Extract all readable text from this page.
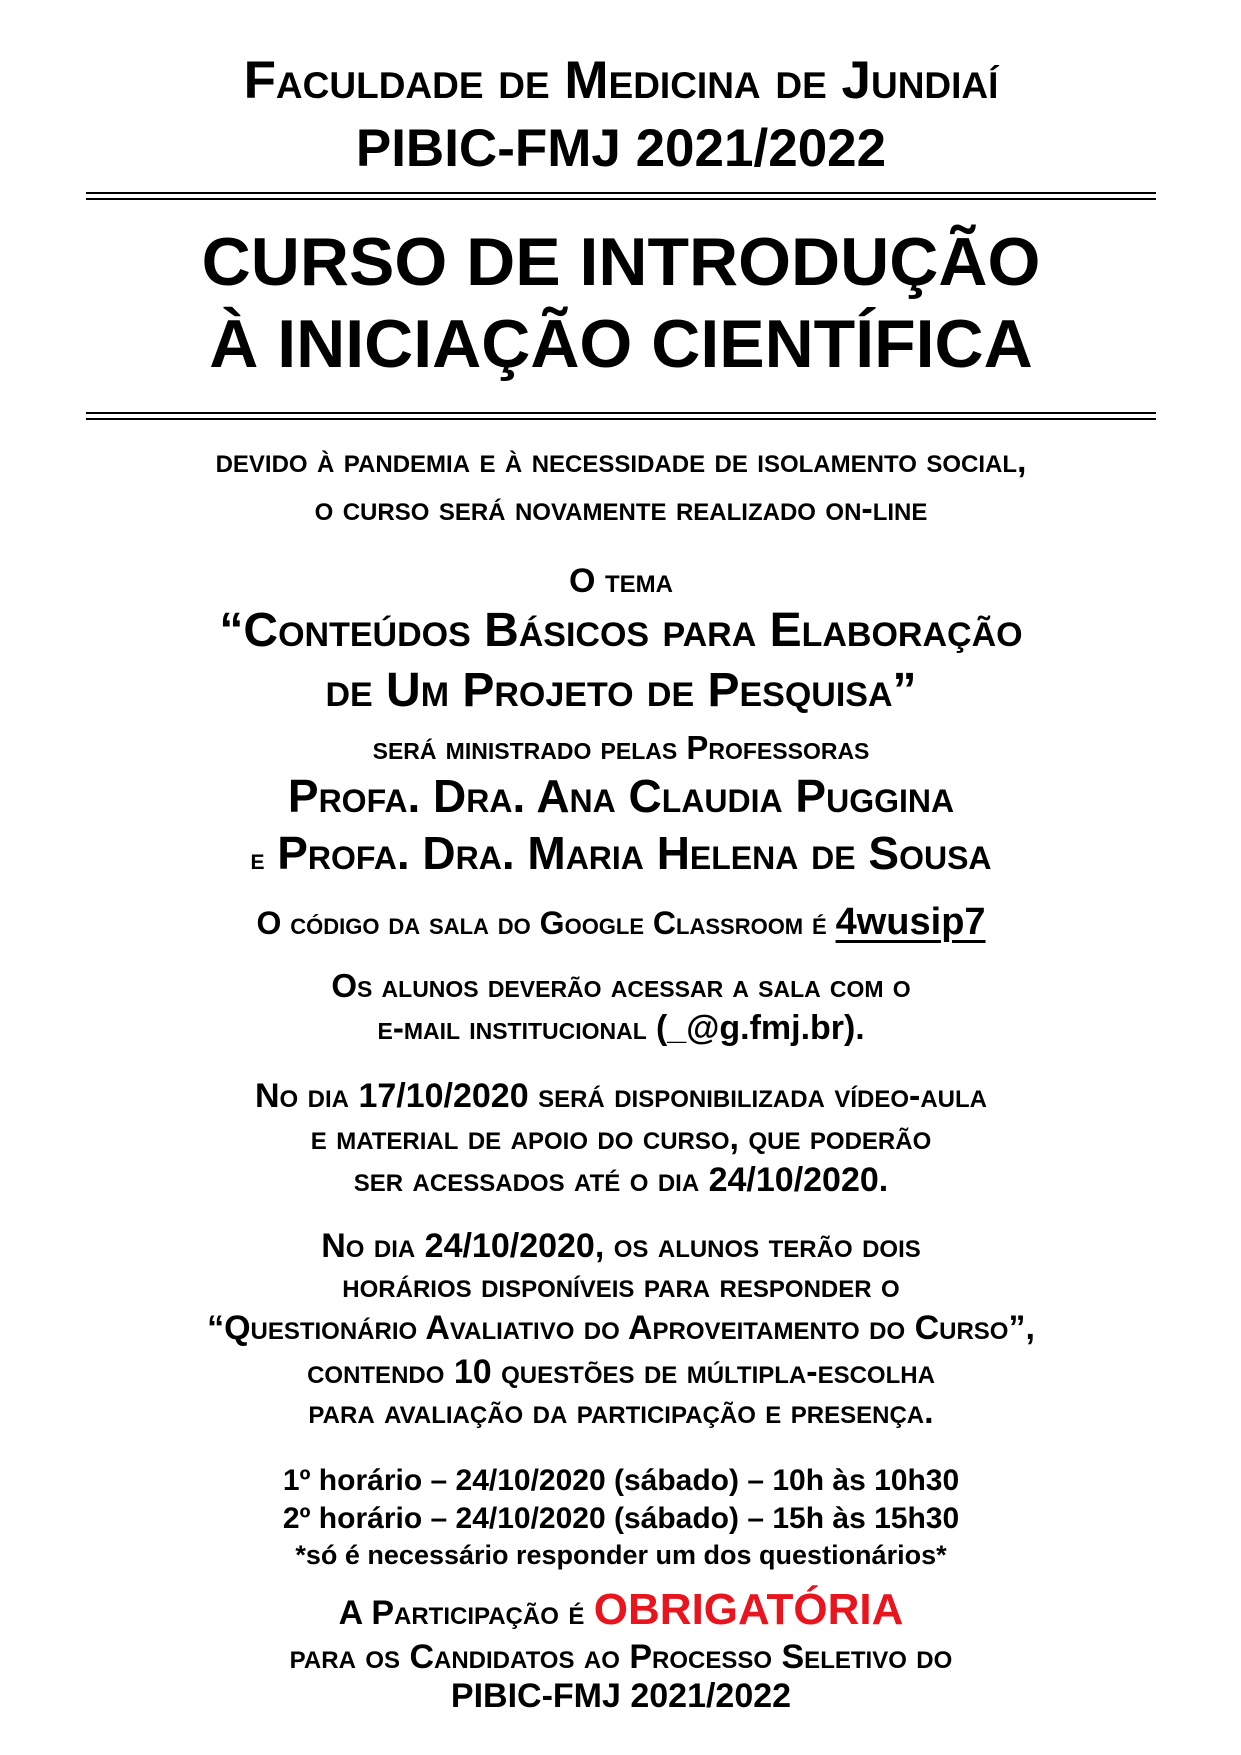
Faculdade de Medicina de Jundiaí
PIBIC-FMJ 2021/2022
CURSO DE INTRODUÇÃO
À INICIAÇÃO CIENTÍFICA
devido à pandemia e à necessidade de isolamento social,
o curso será novamente realizado on-line
O tema
“Conteúdos Básicos para Elaboração
de Um Projeto de Pesquisa”
será ministrado pelas Professoras
Profa. Dra. Ana Claudia Puggina
e Profa. Dra. Maria Helena de Sousa
O código da sala do Google Classroom é 4wusip7
Os alunos deverão acessar a sala com o
e-mail institucional (_@g.fmj.br).
No dia 17/10/2020 será disponibilizada vídeo-aula
e material de apoio do curso, que poderão
ser acessados até o dia 24/10/2020.
No dia 24/10/2020, os alunos terão dois
horários disponíveis para responder o
“Questionário Avaliativo do Aproveitamento do Curso”,
contendo 10 questões de múltipla-escolha
para avaliação da participação e presença.
1º horário – 24/10/2020 (sábado) – 10h às 10h30
2º horário – 24/10/2020 (sábado) – 15h às 15h30
*só é necessário responder um dos questionários*
A Participação é OBRIGATÓRIA
para os Candidatos ao Processo Seletivo do
PIBIC-FMJ 2021/2022
